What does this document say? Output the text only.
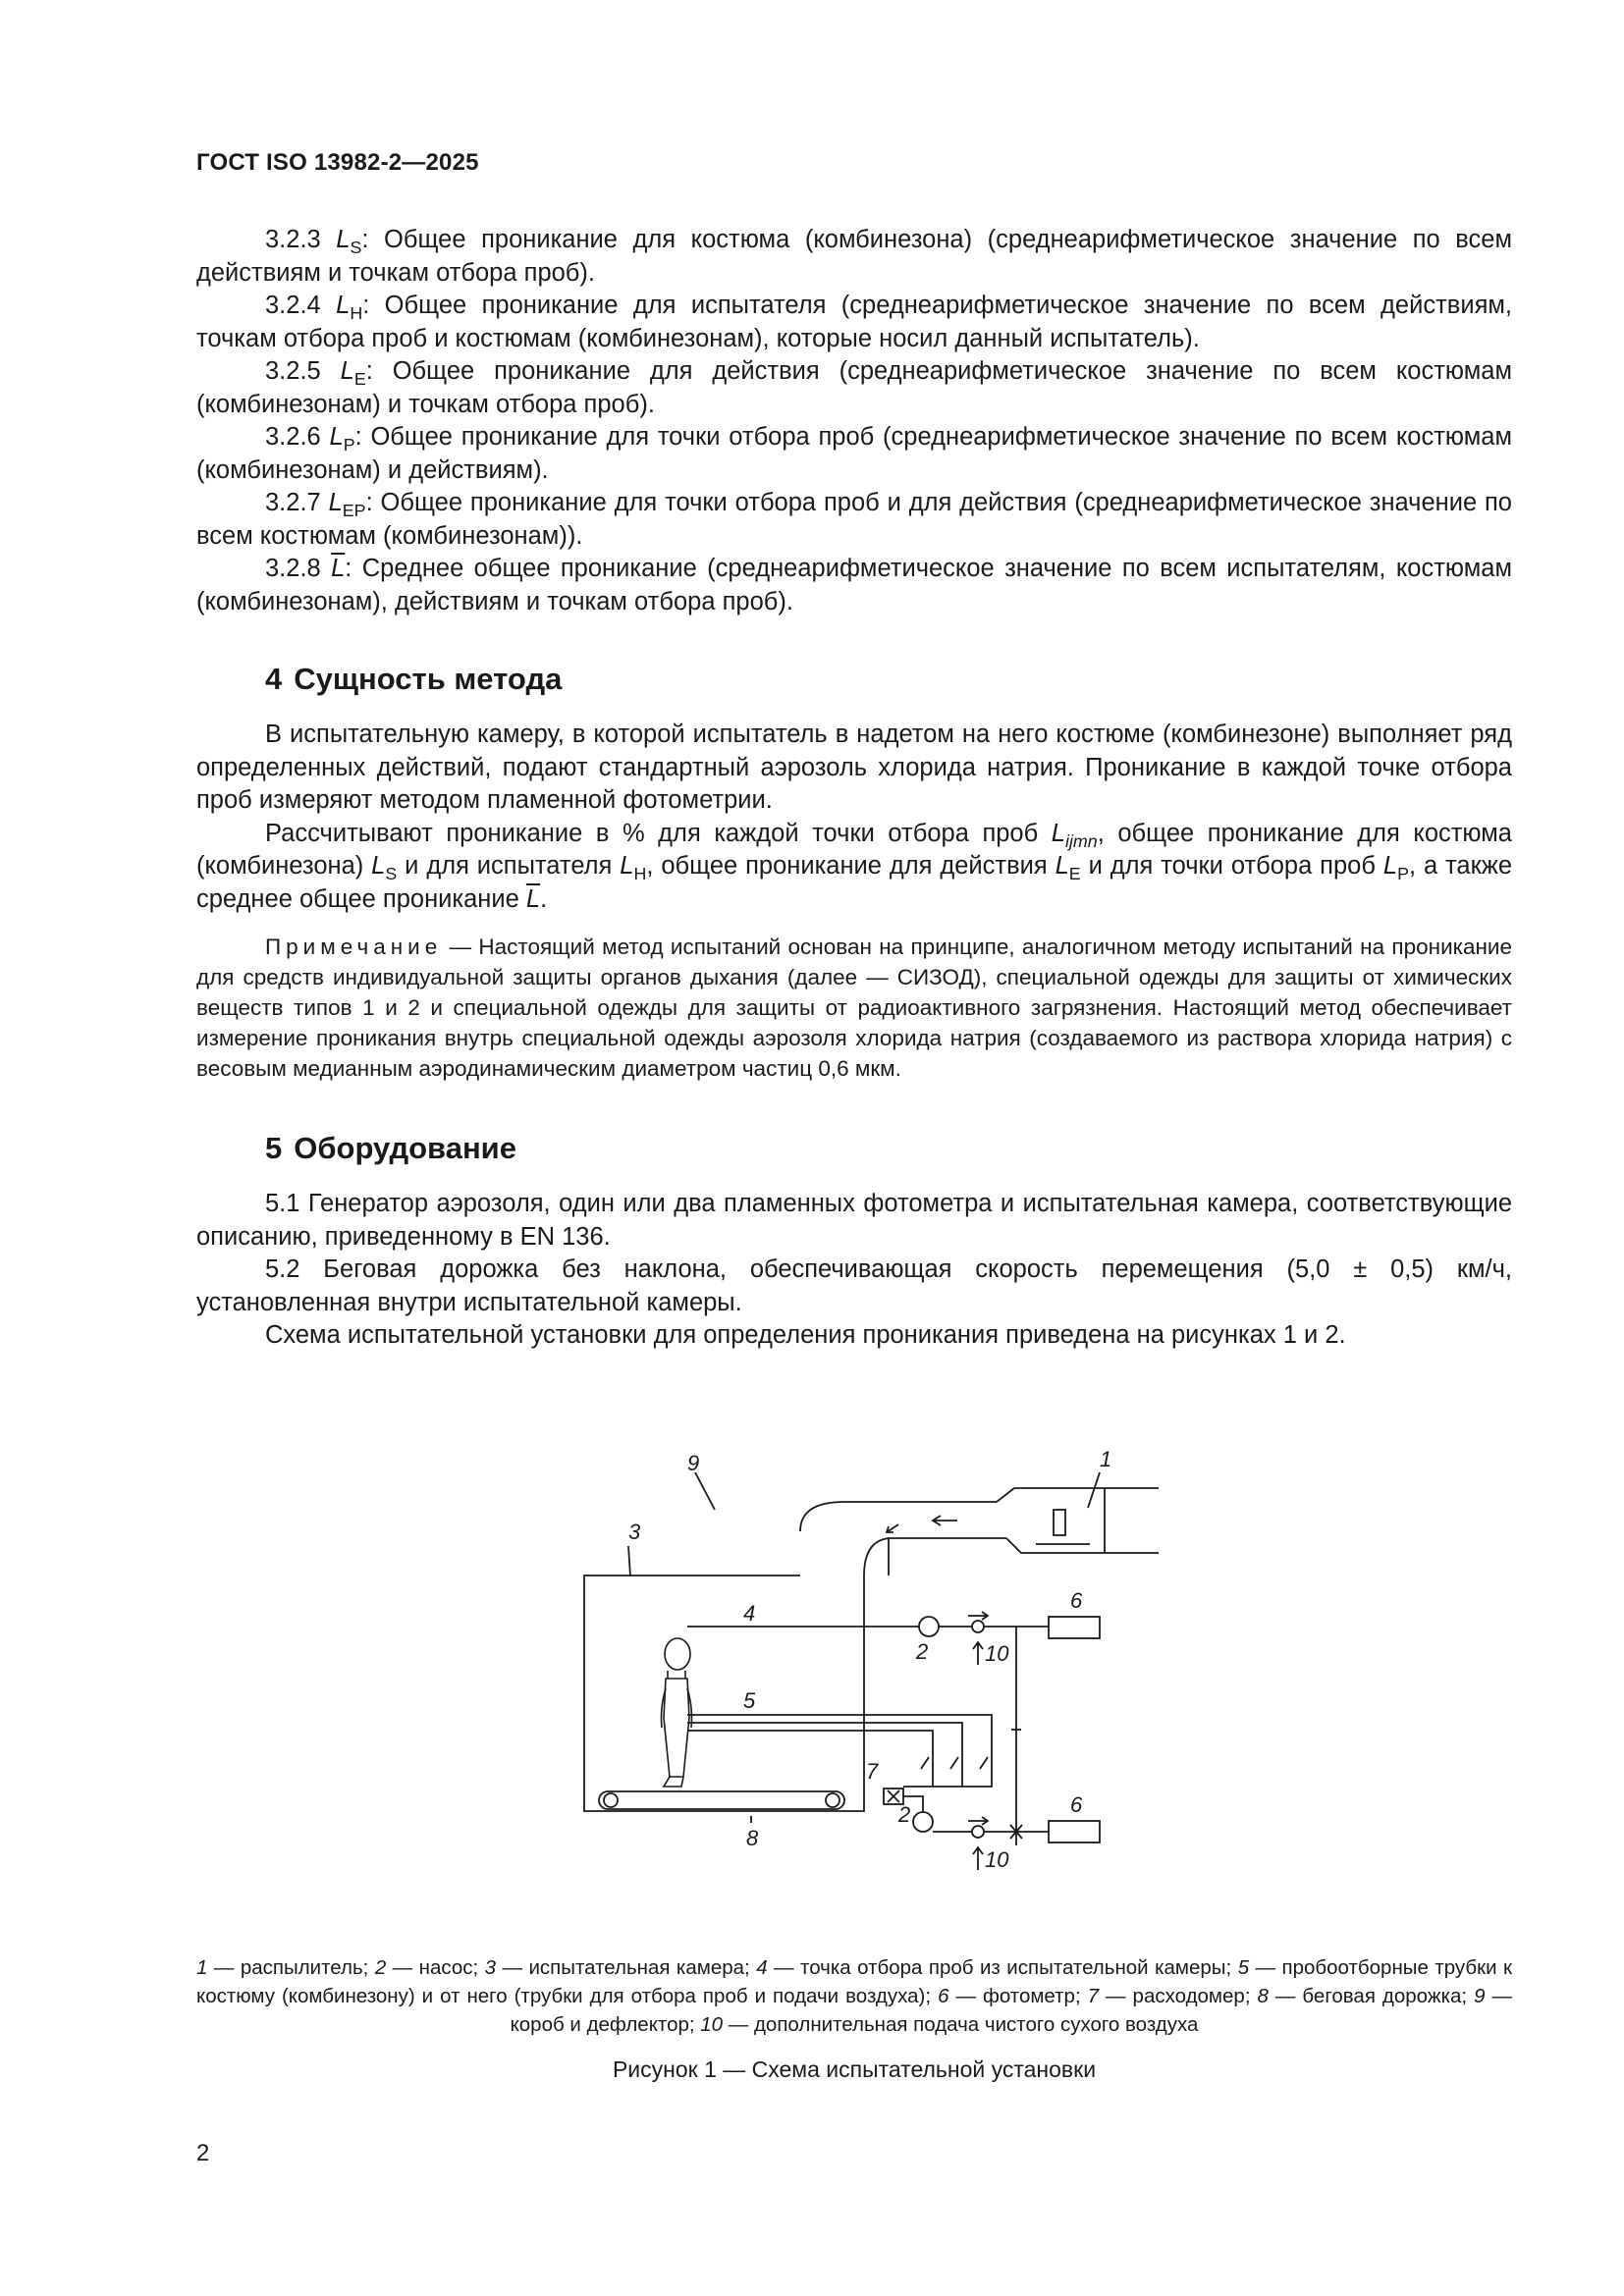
ГОСТ ISO 13982-2—2025

3.2.3 $L_S$: Общее проникание для костюма (комбинезона) (среднеарифметическое значение по всем действиям и точкам отбора проб).

3.2.4 $L_H$: Общее проникание для испытателя (среднеарифметическое значение по всем действиям, точкам отбора проб и костюмам (комбинезонам), которые носил данный испытатель).

3.2.5 $L_E$: Общее проникание для действия (среднеарифметическое значение по всем костюмам (комбинезонам) и точкам отбора проб).

3.2.6 $L_P$: Общее проникание для точки отбора проб (среднеарифметическое значение по всем костюмам (комбинезонам) и действиям).

3.2.7 $L_{EP}$: Общее проникание для точки отбора проб и для действия (среднеарифметическое значение по всем костюмам (комбинезонам)).

3.2.8 $\overline{L}$: Среднее общее проникание (среднеарифметическое значение по всем испытателям, костюмам (комбинезонам), действиям и точкам отбора проб).

4 Сущность метода

В испытательную камеру, в которой испытатель в надетом на него костюме (комбинезоне) выполняет ряд определенных действий, подают стандартный аэрозоль хлорида натрия. Проникание в каждой точке отбора проб измеряют методом пламенной фотометрии.

Рассчитывают проникание в % для каждой точки отбора проб $L_{ijmn}$, общее проникание для костюма (комбинезона) $L_S$ и для испытателя $L_H$, общее проникание для действия $L_E$ и для точки отбора проб $L_P$, а также среднее общее проникание $\overline{L}$.

Примечание — Настоящий метод испытаний основан на принципе, аналогичном методу испытаний на проникание для средств индивидуальной защиты органов дыхания (далее — СИЗОД), специальной одежды для защиты от химических веществ типов 1 и 2 и специальной одежды для защиты от радиоактивного загрязнения. Настоящий метод обеспечивает измерение проникания внутрь специальной одежды аэрозоля хлорида натрия (создаваемого из раствора хлорида натрия) с весовым медианным аэродинамическим диаметром частиц 0,6 мкм.
5 Оборудование

5.1 Генератор аэрозоля, один или два пламенных фотометра и испытательная камера, соответствующие описанию, приведенному в EN 136.

5.2 Беговая дорожка без наклона, обеспечивающая скорость перемещения (5,0 ± 0,5) км/ч, установленная внутри испытательной камеры.

Схема испытательной установки для определения проникания приведена на рисунках 1 и 2.

1
3
9
4
2	10
6
5
7
2
10
6
8
1 — распылитель; 2 — насос; 3 — испытательная камера; 4 — точка отбора проб из испытательной камеры; 5 — пробоотборные трубки к костюму (комбинезону) и от него (трубки для отбора проб и подачи воздуха); 6 — фотометр; 7 — расходомер; 8 — беговая дорожка; 9 — короб и дефлектор; 10 — дополнительная подача чистого сухого воздуха
Рисунок 1 — Схема испытательной установки
2
